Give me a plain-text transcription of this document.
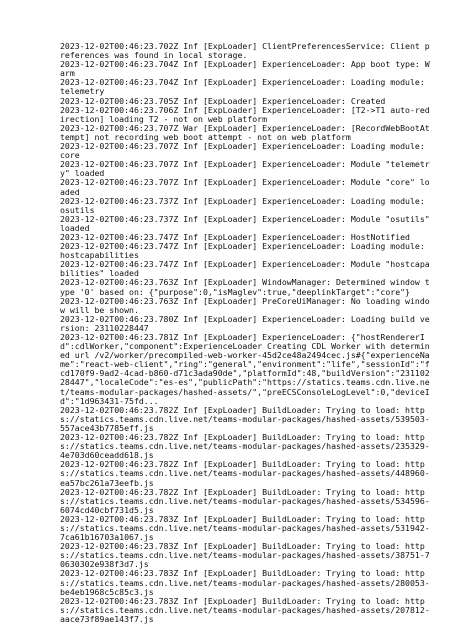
2023-12-02T00:46:23.702Z Inf [ExpLoader] ClientPreferencesService: Client preferences was found in local storage.
2023-12-02T00:46:23.704Z Inf [ExpLoader] ExperienceLoader: App boot type: Warm
2023-12-02T00:46:23.704Z Inf [ExpLoader] ExperienceLoader: Loading module: telemetry
2023-12-02T00:46:23.705Z Inf [ExpLoader] ExperienceLoader: Created
2023-12-02T00:46:23.706Z Inf [ExpLoader] ExperienceLoader: [T2->T1 auto-redirection] loading T2 - not on web platform
2023-12-02T00:46:23.707Z War [ExpLoader] ExperienceLoader: [RecordWebBootAttempt] not recording web boot attempt - not on web platform
2023-12-02T00:46:23.707Z Inf [ExpLoader] ExperienceLoader: Loading module: core
2023-12-02T00:46:23.707Z Inf [ExpLoader] ExperienceLoader: Module "telemetry" loaded
2023-12-02T00:46:23.707Z Inf [ExpLoader] ExperienceLoader: Module "core" loaded
2023-12-02T00:46:23.737Z Inf [ExpLoader] ExperienceLoader: Loading module: osutils
2023-12-02T00:46:23.737Z Inf [ExpLoader] ExperienceLoader: Module "osutils" loaded
2023-12-02T00:46:23.747Z Inf [ExpLoader] ExperienceLoader: HostNotified
2023-12-02T00:46:23.747Z Inf [ExpLoader] ExperienceLoader: Loading module: hostcapabilities
2023-12-02T00:46:23.747Z Inf [ExpLoader] ExperienceLoader: Module "hostcapabilities" loaded
2023-12-02T00:46:23.763Z Inf [ExpLoader] WindowManager: Determined window type '0' based on: {"purpose":0,"isMaglev":true,"deeplinkTarget":"core"}
2023-12-02T00:46:23.763Z Inf [ExpLoader] PreCoreUiManager: No loading window will be shown.
2023-12-02T00:46:23.780Z Inf [ExpLoader] ExperienceLoader: Loading build version: 23110228447
2023-12-02T00:46:23.781Z Inf [ExpLoader] ExperienceLoader: {"hostRendererId":cdlWorker,"component":ExperienceLoader Creating CDL Worker with determined url /v2/worker/precompiled-web-worker-45d2ce48a2494cec.js#{"experienceName":"react-web-client","ring":"general","environment":"life","sessionId":"fcd170f9-9ad2-4cad-b860-d71c3ada90de","platformId":48,"buildVersion":"23110228447","localeCode":"es-es","publicPath":"https://statics.teams.cdn.live.net/teams-modular-packages/hashed-assets/","preECSConsoleLogLevel":0,"deviceId":"1d963431-75fd...
2023-12-02T00:46:23.782Z Inf [ExpLoader] BuildLoader: Trying to load: https://statics.teams.cdn.live.net/teams-modular-packages/hashed-assets/539503-557ace43b7785eff.js
2023-12-02T00:46:23.782Z Inf [ExpLoader] BuildLoader: Trying to load: https://statics.teams.cdn.live.net/teams-modular-packages/hashed-assets/235329-4e703d60ceadd618.js
2023-12-02T00:46:23.782Z Inf [ExpLoader] BuildLoader: Trying to load: https://statics.teams.cdn.live.net/teams-modular-packages/hashed-assets/448960-ea57bc261a73eefb.js
2023-12-02T00:46:23.782Z Inf [ExpLoader] BuildLoader: Trying to load: https://statics.teams.cdn.live.net/teams-modular-packages/hashed-assets/534596-6074cd40cbf731d5.js
2023-12-02T00:46:23.783Z Inf [ExpLoader] BuildLoader: Trying to load: https://statics.teams.cdn.live.net/teams-modular-packages/hashed-assets/531942-7ca61b16703a1067.js
2023-12-02T00:46:23.783Z Inf [ExpLoader] BuildLoader: Trying to load: https://statics.teams.cdn.live.net/teams-modular-packages/hashed-assets/38751-70630302e938f3d7.js
2023-12-02T00:46:23.783Z Inf [ExpLoader] BuildLoader: Trying to load: https://statics.teams.cdn.live.net/teams-modular-packages/hashed-assets/280053-be4eb1968c5c85c3.js
2023-12-02T00:46:23.783Z Inf [ExpLoader] BuildLoader: Trying to load: https://statics.teams.cdn.live.net/teams-modular-packages/hashed-assets/207812-aace73f89ae143f7.js
